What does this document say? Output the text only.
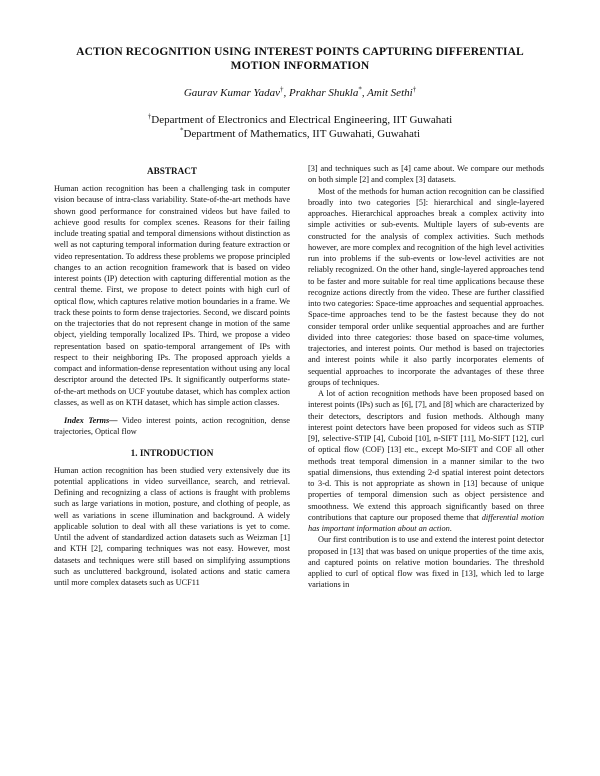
ACTION RECOGNITION USING INTEREST POINTS CAPTURING DIFFERENTIAL
MOTION INFORMATION
Gaurav Kumar Yadav†, Prakhar Shukla*, Amit Sethi†
†Department of Electronics and Electrical Engineering, IIT Guwahati
*Department of Mathematics, IIT Guwahati, Guwahati
ABSTRACT

Human action recognition has been a challenging task in computer vision because of intra-class variability. State-of-the-art methods have shown good performance for constrained videos but have failed to achieve good results for complex scenes. Reasons for their failing include treating spatial and temporal dimensions without distinction as well as not capturing temporal information during feature extraction or video representation. To address these problems we propose principled changes to an action recognition framework that is based on video interest points (IP) detection with capturing differential motion as the central theme. First, we propose to detect points with high curl of optical flow, which captures relative motion boundaries in a frame. We track these points to form dense trajectories. Second, we discard points on the trajectories that do not represent change in motion of the same object, yielding temporally localized IPs. Third, we propose a video representation based on spatio-temporal arrangement of IPs with respect to their neighboring IPs. The proposed approach yields a compact and information-dense representation without using any local descriptor around the detected IPs. It significantly outperforms state-of-the-art methods on UCF youtube dataset, which has complex action classes, as well as on KTH dataset, which has simple action classes.

Index Terms— Video interest points, action recognition, dense trajectories, Optical flow

1. INTRODUCTION

Human action recognition has been studied very extensively due its potential applications in video surveillance, search, and retrieval. Defining and recognizing a class of actions is fraught with problems such as large variations in motion, posture, and clothing of people, as well as variations in scene illumination and background. A widely applicable solution to deal with all these variations is yet to come. Until the advent of standardized action datasets such as Weizman [1] and KTH [2], comparing techniques was not easy. However, most datasets and techniques were still based on simplifying assumptions such as uncluttered background, isolated actions and static camera until more complex datasets such as UCF11

[3] and techniques such as [4] came about. We compare our methods on both simple [2] and complex [3] datasets.

Most of the methods for human action recognition can be classified broadly into two categories [5]: hierarchical and single-layered approaches. Hierarchical approaches break a complex activity into simple activities or sub-events. Multiple layers of sub-events are constructed for the analysis of complex activities. Such methods however, are more complex and recognition of the high level activities run into problems if the sub-events or low-level activities are not reliably recognized. On the other hand, single-layered approaches tend to be faster and more suitable for real time applications because these recognize actions directly from the video. These are further classified into two categories: Space-time approaches and sequential approaches. Space-time approaches tend to be the fastest because they do not consider temporal order unlike sequential approaches and are further divided into three categories: those based on space-time volumes, trajectories, and interest points. Our method is based on trajectories and interest points while it also partly incorporates elements of sequential approaches to incorporate the advantages of these three groups of techniques.

A lot of action recognition methods have been proposed based on interest points (IPs) such as [6], [7], and [8] which are characterized by their detectors, descriptors and fusion methods. Although many interest point detectors have been proposed for videos such as STIP [9], selective-STIP [4], Cuboid [10], n-SIFT [11], Mo-SIFT [12], curl of optical flow (COF) [13] etc., except Mo-SIFT and COF all other methods treat temporal dimension in a manner similar to the two spatial dimensions, thus extending 2-d spatial interest point detectors to 3-d. This is not appropriate as shown in [13] because of unique properties of temporal dimension such as object persistence and smoothness. We extend this approach significantly based on three contributions that capture our proposed theme that differential motion has important information about an action.

Our first contribution is to use and extend the interest point detector proposed in [13] that was based on unique properties of the time axis, and captured points on relative motion boundaries. The threshold applied to curl of optical flow was fixed in [13], which led to large variations in
